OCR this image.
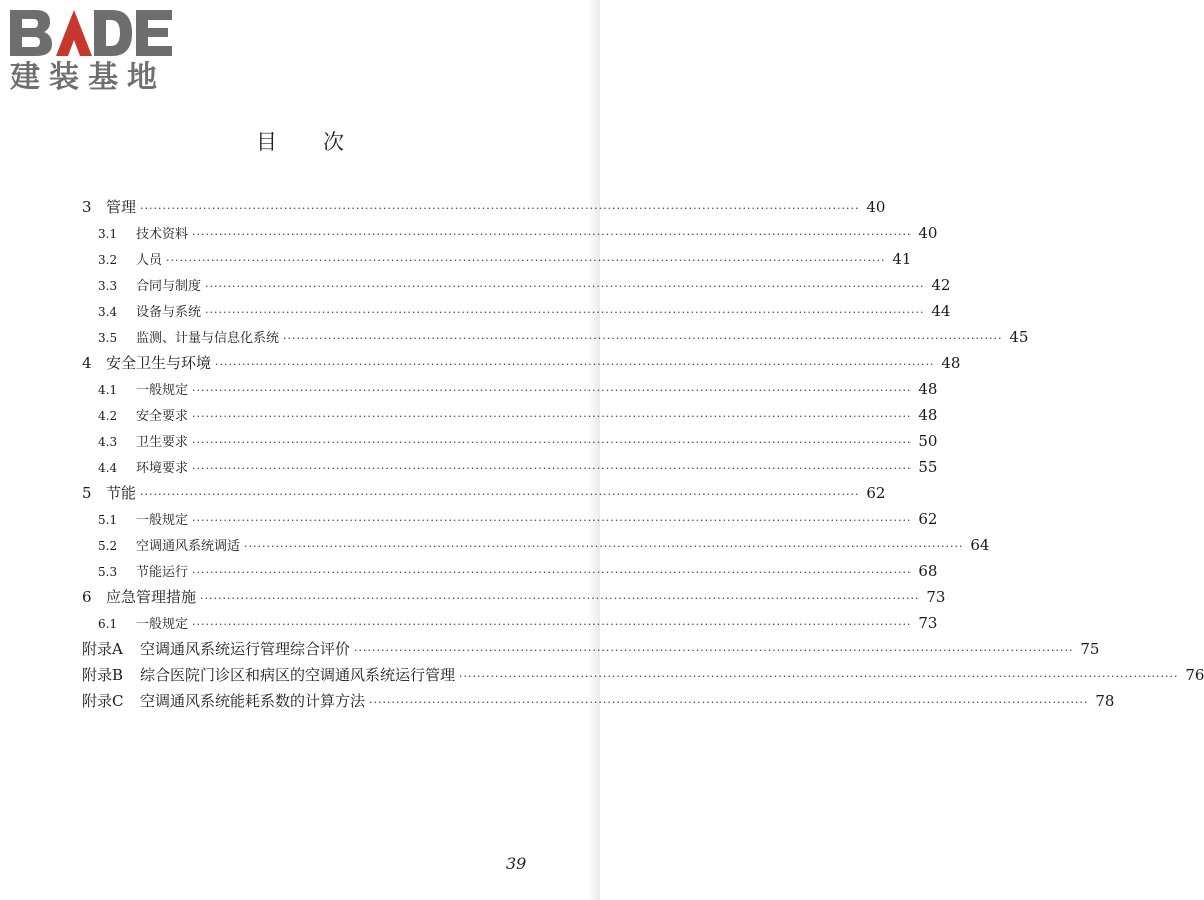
建装基地
目次
3 管理 ································································································································································ 40
3.1	技术资料 ································································································································································ 40
3.2	人员 ································································································································································ 41
3.3	合同与制度 ································································································································································ 42
3.4	设备与系统 ································································································································································ 44
3.5	监测、计量与信息化系统 ································································································································································ 45
4 安全卫生与环境 ································································································································································ 48
4.1	一般规定 ································································································································································ 48
4.2	安全要求 ································································································································································ 48
4.3	卫生要求 ································································································································································ 50
4.4	环境要求 ································································································································································ 55
5 节能 ································································································································································ 62
5.1	一般规定 ································································································································································ 62
5.2	空调通风系统调适 ································································································································································ 64
5.3	节能运行 ································································································································································ 68
6 应急管理措施 ································································································································································ 73
6.1	一般规定 ································································································································································ 73
附录A	空调通风系统运行管理综合评价 ································································································································································ 75
附录B	综合医院门诊区和病区的空调通风系统运行管理 ································································································································································ 76
附录C	空调通风系统能耗系数的计算方法 ································································································································································ 78
39
